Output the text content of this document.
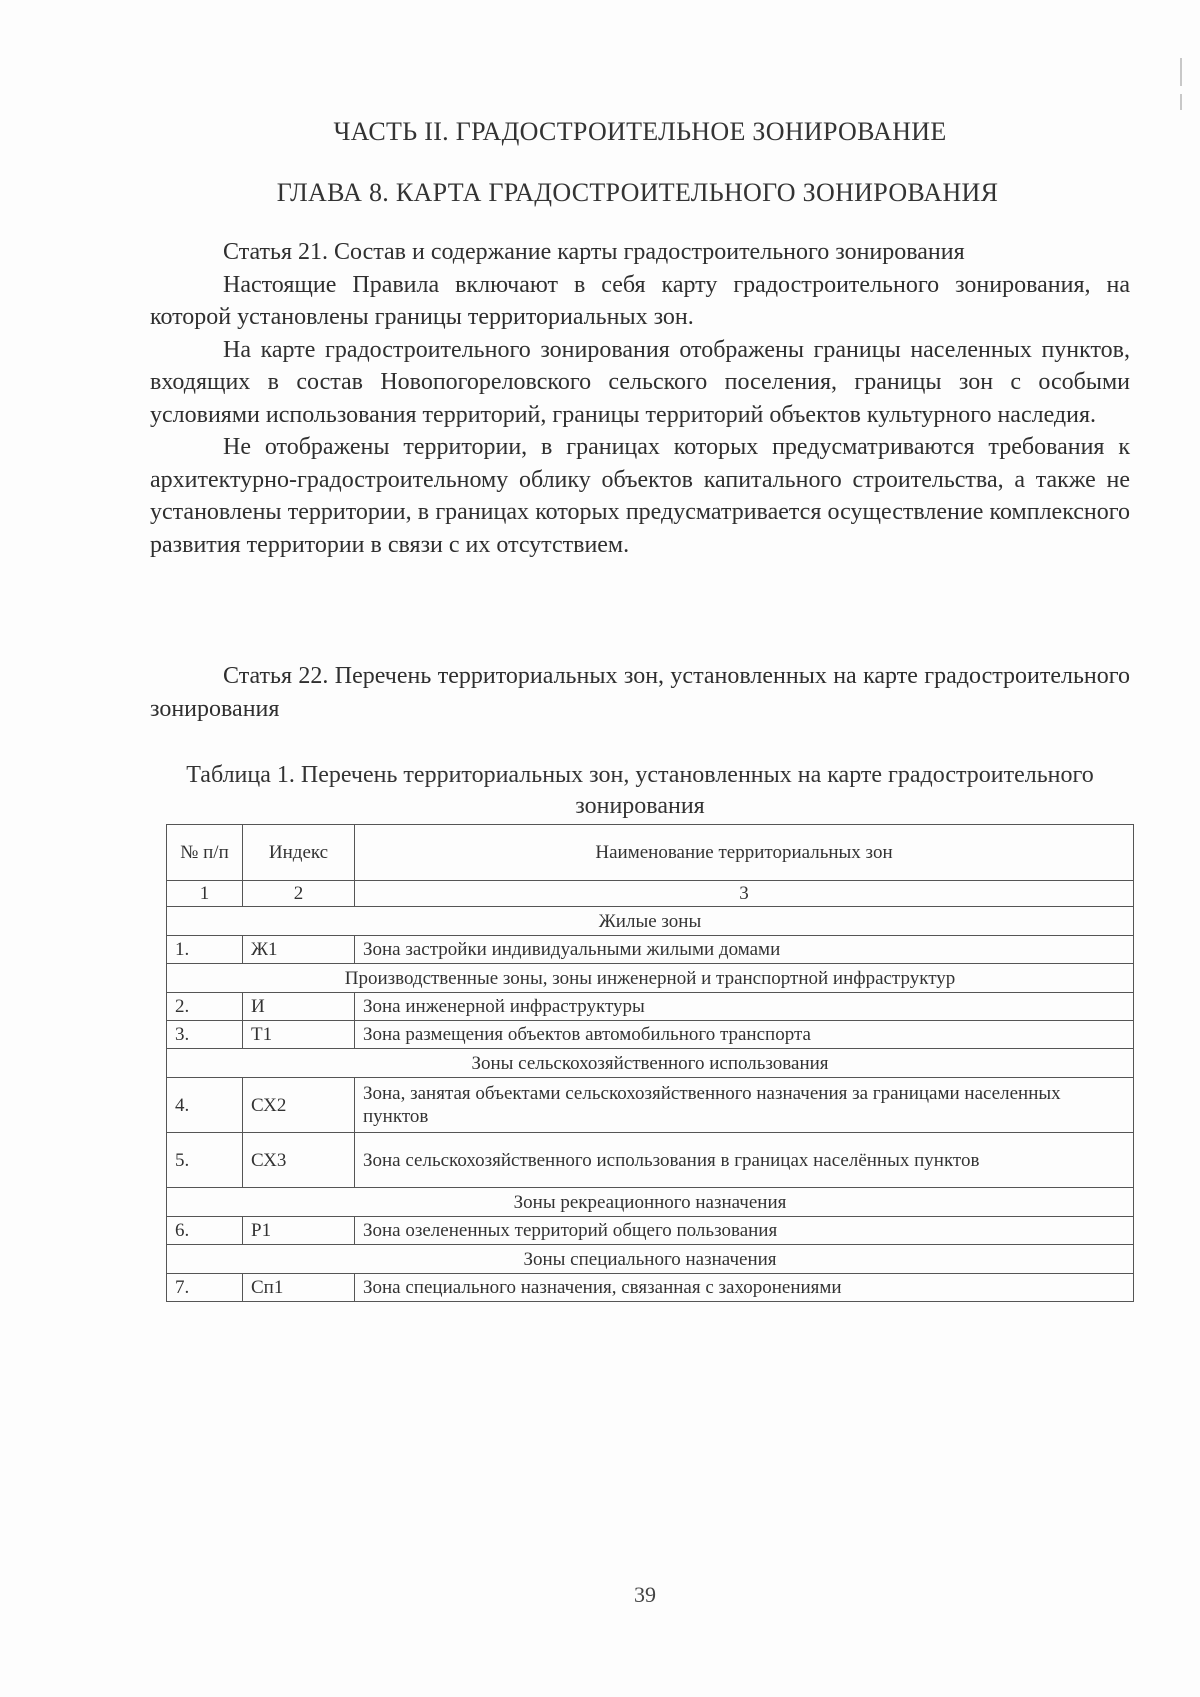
ЧАСТЬ II. ГРАДОСТРОИТЕЛЬНОЕ ЗОНИРОВАНИЕ
ГЛАВА 8. КАРТА ГРАДОСТРОИТЕЛЬНОГО ЗОНИРОВАНИЯ

Статья 21. Состав и содержание карты градостроительного зонирования

Настоящие Правила включают в себя карту градостроительного зонирования, на которой установлены границы территориальных зон.

На карте градостроительного зонирования отображены границы населенных пунктов, входящих в состав Новопогореловского сельского поселения, границы зон с особыми условиями использования территорий, границы территорий объектов культурного наследия.

Не отображены территории, в границах которых предусматриваются требования к архитектурно-градостроительному облику объектов капитального строительства, а также не установлены территории, в границах которых предусматривается осуществление комплексного развития территории в связи с их отсутствием.

Статья 22. Перечень территориальных зон, установленных на карте градостроительного зонирования

Таблица 1. Перечень территориальных зон, установленных на карте градостроительного зонирования
№ п/п	Индекс	Наименование территориальных зон
1	2	3
Жилые зоны		
1.	Ж1	Зона застройки индивидуальными жилыми домами
Производственные зоны, зоны инженерной и транспортной инфраструктур		
2.	И	Зона инженерной инфраструктуры
3.	Т1	Зона размещения объектов автомобильного транспорта
Зоны сельскохозяйственного использования		
4.	СХ2	Зона, занятая объектами сельскохозяйственного назначения за границами населенных пунктов
5.	СХ3	Зона сельскохозяйственного использования в границах населённых пунктов
Зоны рекреационного назначения		
6.	Р1	Зона озелененных территорий общего пользования
Зоны специального назначения		
7.	Сп1	Зона специального назначения, связанная с захоронениями
39
